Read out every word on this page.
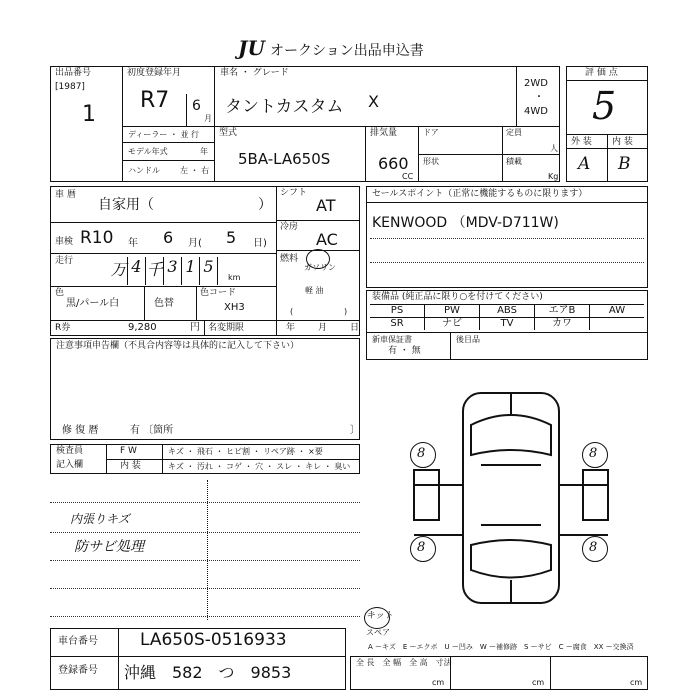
JU オークション出品申込書
出品番号
[1987]
1
初度登録年月
R7 6
月
車名 ・ グレード
タントカスタム X
2WD
・
4WD
ディーラー ・ 並 行
モデル年式	年
ハンドル	左 ・ 右
型式
5BA-LA650S
排気量
660
CC
ドア	定員
人
形状	積載
Kg
評 価 点
5
外 装 内 装
A B
車 暦
自家用（	）
車検 R10 年 6 月( 5 日)
走行 万 4 千 3 1 5
km
色
黒/パール白	色替
色コード
XH3
シフト
AT
冷房
AC
燃料
ガソリン
軽 油
(	)
R券	9,280	円 名変期限	年	月	日
セールスポイント（正常に機能するものに限ります）
KENWOOD （MDV-D711W)
装備品 (純正品に限り○を付けてください)
PS	PW	ABS	エアB	AW
SR	ナビ	TV	カワ
新車保証書
有 ・ 無
後目品
注意事項申告欄（不具合内容等は具体的に記入して下さい）
修 復 暦	有 〔箇所	〕
検査員
記入欄
F W	キズ ・ 飛石 ・ ヒビ割 ・ リペア跡 ・ ×要
内 装	キズ ・ 汚れ ・ コゲ ・ 穴 ・ スレ ・ キレ ・ 臭い
内張りキズ
防サビ処理
8	8
8	8
キット
スペア
A ーキズ　E ーエクボ　U ー凹み　W ー補修跡　S ーサビ　C ー腐食　XX ー交換済
全 長　全 幅　全 高　寸法
cm	cm	cm
車台番号 LA650S-0516933
登録番号 沖縄　582　つ　9853
